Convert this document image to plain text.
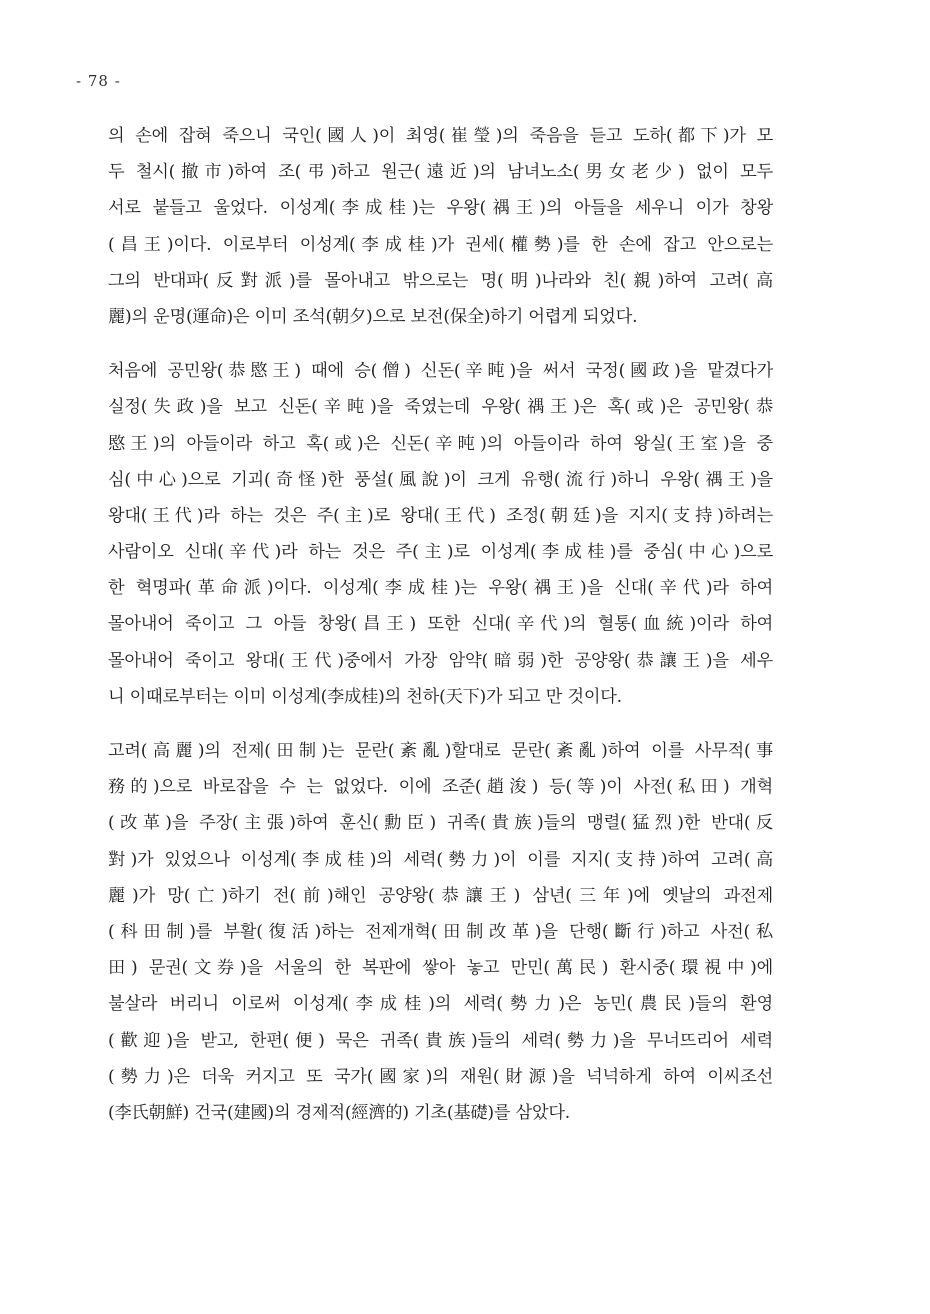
- 78 -
의 손에 잡혀 죽으니 국인(國人)이 최영(崔瑩)의 죽음을 듣고 도하(都下)가 모
두 철시(撤市)하여 조(弔)하고 원근(遠近)의 남녀노소(男女老少) 없이 모두
서로 붙들고 울었다. 이성계(李成桂)는 우왕(禑王)의 아들을 세우니 이가 창왕
(昌王)이다. 이로부터 이성계(李成桂)가 권세(權勢)를 한 손에 잡고 안으로는
그의 반대파(反對派)를 몰아내고 밖으로는 명(明)나라와 친(親)하여 고려(高
麗)의 운명(運命)은 이미 조석(朝夕)으로 보전(保全)하기 어렵게 되었다.
처음에 공민왕(恭愍王) 때에 승(僧) 신돈(辛旽)을 써서 국정(國政)을 맡겼다가
실정(失政)을 보고 신돈(辛旽)을 죽였는데 우왕(禑王)은 혹(或)은 공민왕(恭
愍王)의 아들이라 하고 혹(或)은 신돈(辛旽)의 아들이라 하여 왕실(王室)을 중
심(中心)으로 기괴(奇怪)한 풍설(風說)이 크게 유행(流行)하니 우왕(禑王)을
왕대(王代)라 하는 것은 주(主)로 왕대(王代) 조정(朝廷)을 지지(支持)하려는
사람이오 신대(辛代)라 하는 것은 주(主)로 이성계(李成桂)를 중심(中心)으로
한 혁명파(革命派)이다. 이성계(李成桂)는 우왕(禑王)을 신대(辛代)라 하여
몰아내어 죽이고 그 아들 창왕(昌王) 또한 신대(辛代)의 혈통(血統)이라 하여
몰아내어 죽이고 왕대(王代)중에서 가장 암약(暗弱)한 공양왕(恭讓王)을 세우
니 이때로부터는 이미 이성계(李成桂)의 천하(天下)가 되고 만 것이다.
고려(高麗)의 전제(田制)는 문란(紊亂)할대로 문란(紊亂)하여 이를 사무적(事
務的)으로 바로잡을 수 는 없었다. 이에 조준(趙浚) 등(等)이 사전(私田) 개혁
(改革)을 주장(主張)하여 훈신(勳臣) 귀족(貴族)들의 맹렬(猛烈)한 반대(反
對)가 있었으나 이성계(李成桂)의 세력(勢力)이 이를 지지(支持)하여 고려(高
麗)가 망(亡)하기 전(前)해인 공양왕(恭讓王) 삼년(三年)에 옛날의 과전제
(科田制)를 부활(復活)하는 전제개혁(田制改革)을 단행(斷行)하고 사전(私
田) 문권(文券)을 서울의 한 복판에 쌓아 놓고 만민(萬民) 환시중(環視中)에
불살라 버리니 이로써 이성계(李成桂)의 세력(勢力)은 농민(農民)들의 환영
(歡迎)을 받고, 한편(便) 묵은 귀족(貴族)들의 세력(勢力)을 무너뜨리어 세력
(勢力)은 더욱 커지고 또 국가(國家)의 재원(財源)을 넉넉하게 하여 이씨조선
(李氏朝鮮) 건국(建國)의 경제적(經濟的) 기초(基礎)를 삼았다.
